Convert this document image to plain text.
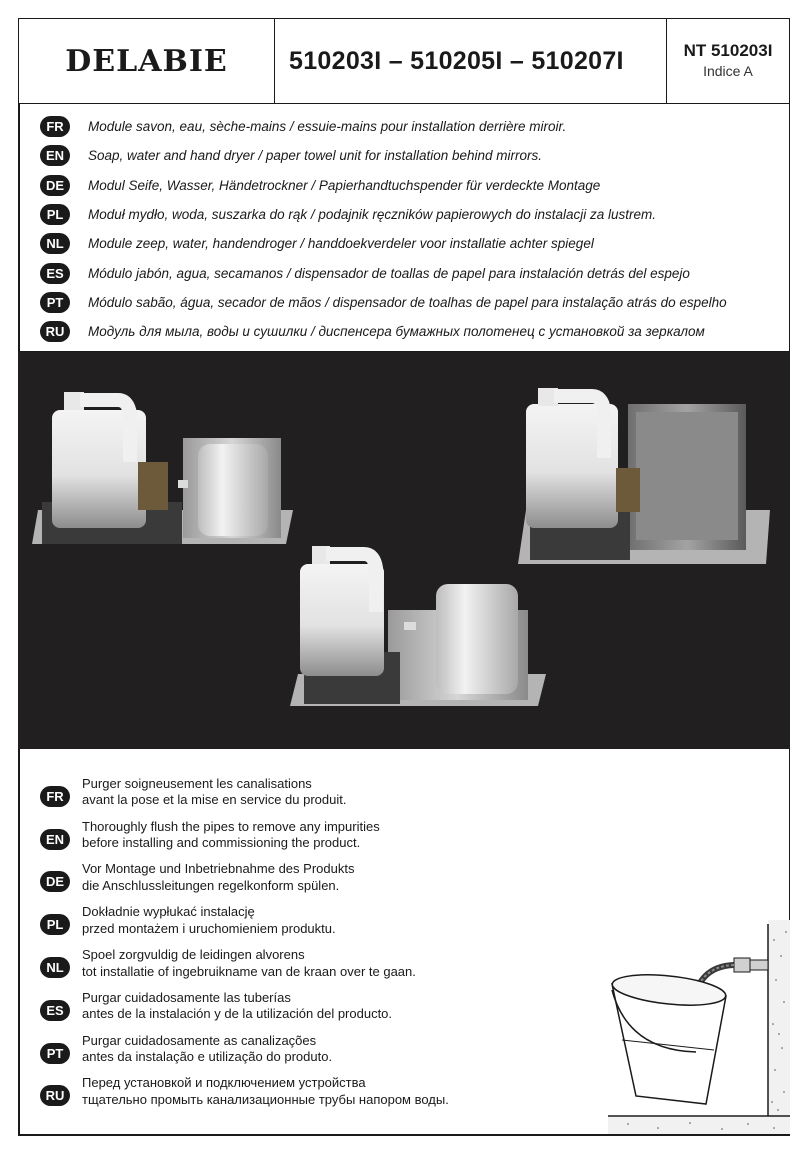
DELABIE 510203I – 510205I – 510207I	NT 510203I
Indice A
FR	Module savon, eau, sèche-mains / essuie-mains pour installation derrière miroir.
EN	Soap, water and hand dryer / paper towel unit for installation behind mirrors.
DE	Modul Seife, Wasser, Händetrockner / Papierhandtuchspender für verdeckte Montage
PL	Moduł mydło, woda, suszarka do rąk / podajnik ręczników papierowych do instalacji za lustrem.
NL	Module zeep, water, handendroger / handdoekverdeler voor installatie achter spiegel
ES	Módulo jabón, agua, secamanos / dispensador de toallas de papel para instalación detrás del espejo
PT	Módulo sabão, água, secador de mãos / dispensador de toalhas de papel para instalação atrás do espelho
RU	Модуль для мыла, воды и сушилки / диспенсера бумажных полотенец с установкой за зеркалом
FR
Purger soigneusement les canalisations
avant la pose et la mise en service du produit.
EN
Thoroughly flush the pipes to remove any impurities
before installing and commissioning the product.
DE
Vor Montage und Inbetriebnahme des Produkts
die Anschlussleitungen regelkonform spülen.
PL
Dokładnie wypłukać instalację
przed montażem i uruchomieniem produktu.
NL
Spoel zorgvuldig de leidingen alvorens
tot installatie of ingebruikname van de kraan over te gaan.
ES
Purgar cuidadosamente las tuberías
antes de la instalación y de la utilización del producto.
PT
Purgar cuidadosamente as canalizações
antes da instalação e utilização do produto.
RU
Перед установкой и подключением устройства
тщательно промыть канализационные трубы напором воды.
